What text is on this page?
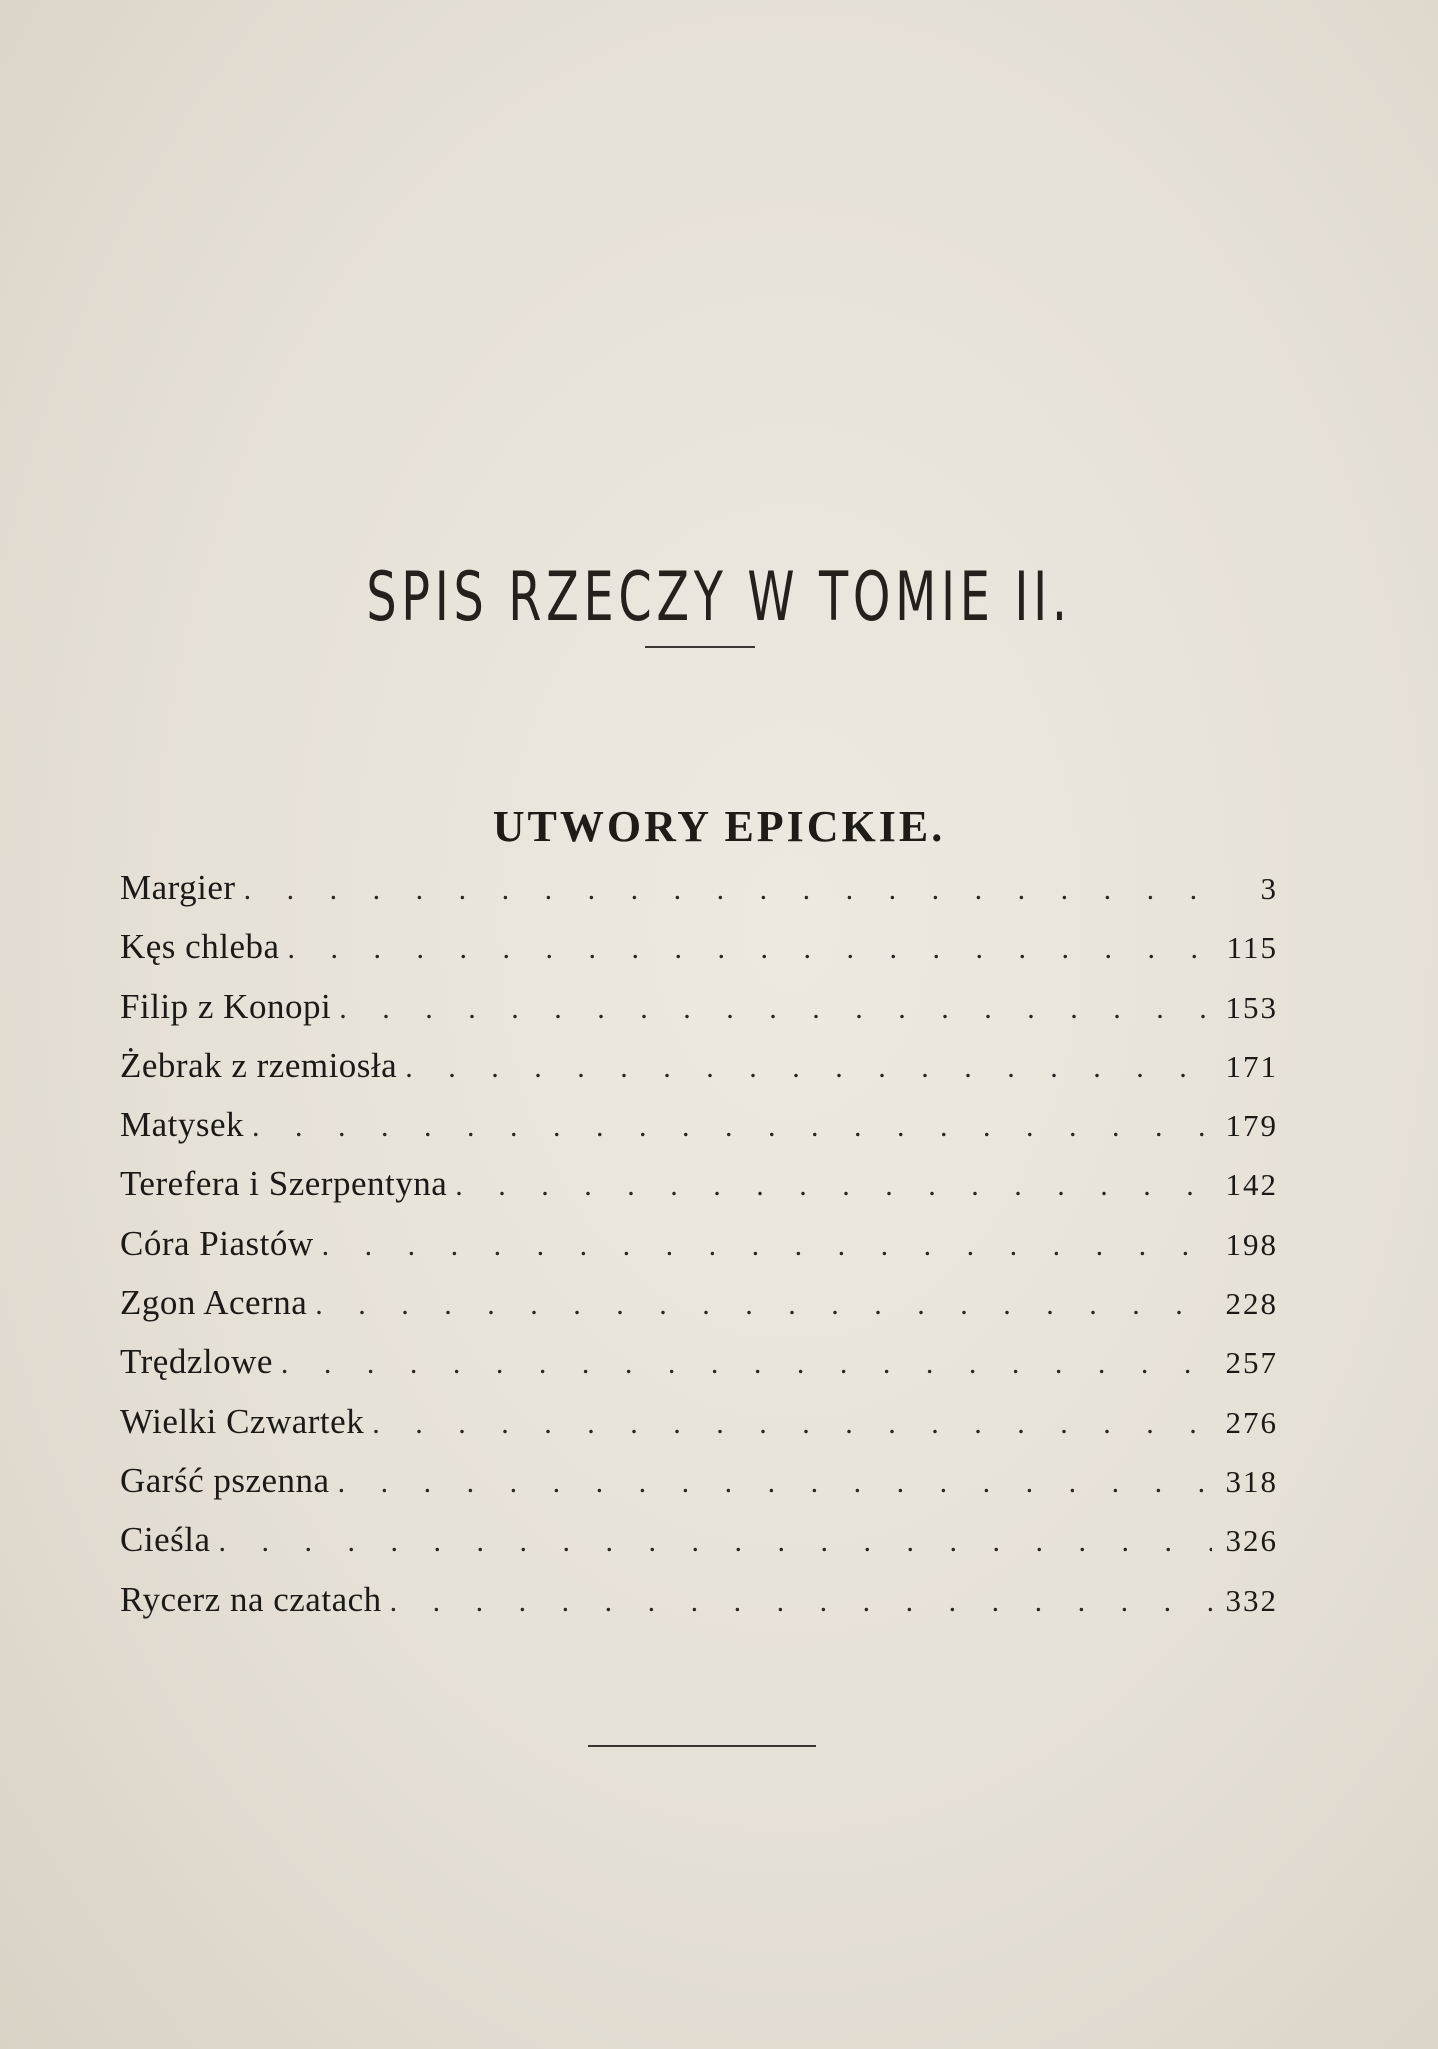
SPIS RZECZY W TOMIE II.
UTWORY EPICKIE.
Margier . . .	3
Kęs chleba . . .	115
Filip z Konopi . . .	153
Żebrak z rzemiosła . . .	171
Matysek . . .	179
Terefera i Szerpentyna . . .	142
Córa Piastów . . .	198
Zgon Acerna . . .	228
Trędzlowe . . .	257
Wielki Czwartek . . .	276
Garść pszenna . . .	318
Cieśla . . .	326
Rycerz na czatach . . .	332
